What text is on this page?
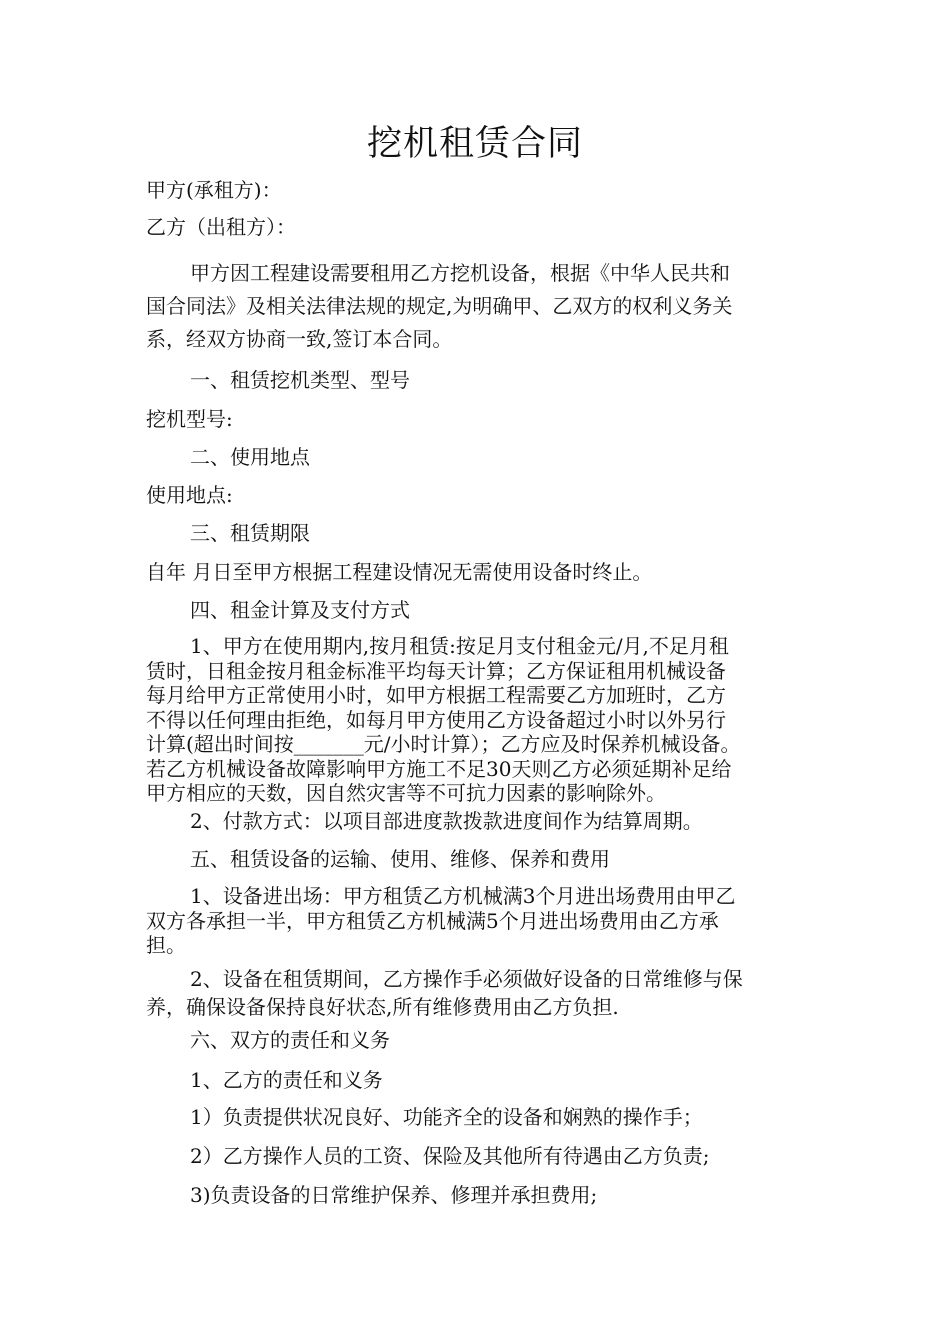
挖机租赁合同
甲方(承租方)：
乙方（出租方）：
甲方因工程建设需要租用乙方挖机设备，根据《中华人民共和
国合同法》及相关法律法规的规定,为明确甲、乙双方的权利义务关
系，经双方协商一致,签订本合同。
一、租赁挖机类型、型号
挖机型号:
二、使用地点
使用地点:
三、租赁期限
自年 月日至甲方根据工程建设情况无需使用设备时终止。
四、租金计算及支付方式
1、甲方在使用期内,按月租赁:按足月支付租金元/月,不足月租
赁时，日租金按月租金标准平均每天计算；乙方保证租用机械设备
每月给甲方正常使用小时，如甲方根据工程需要乙方加班时，乙方
不得以任何理由拒绝，如每月甲方使用乙方设备超过小时以外另行
计算(超出时间按_______元/小时计算）；乙方应及时保养机械设备。
若乙方机械设备故障影响甲方施工不足30天则乙方必须延期补足给
甲方相应的天数，因自然灾害等不可抗力因素的影响除外。
2、付款方式：以项目部进度款拨款进度间作为结算周期。
五、租赁设备的运输、使用、维修、保养和费用
1、设备进出场：甲方租赁乙方机械满3个月进出场费用由甲乙
双方各承担一半，甲方租赁乙方机械满5个月进出场费用由乙方承
担。
2、设备在租赁期间，乙方操作手必须做好设备的日常维修与保
养，确保设备保持良好状态,所有维修费用由乙方负担.
六、双方的责任和义务
1、乙方的责任和义务
1）负责提供状况良好、功能齐全的设备和娴熟的操作手；
2）乙方操作人员的工资、保险及其他所有待遇由乙方负责;
3)负责设备的日常维护保养、修理并承担费用;
